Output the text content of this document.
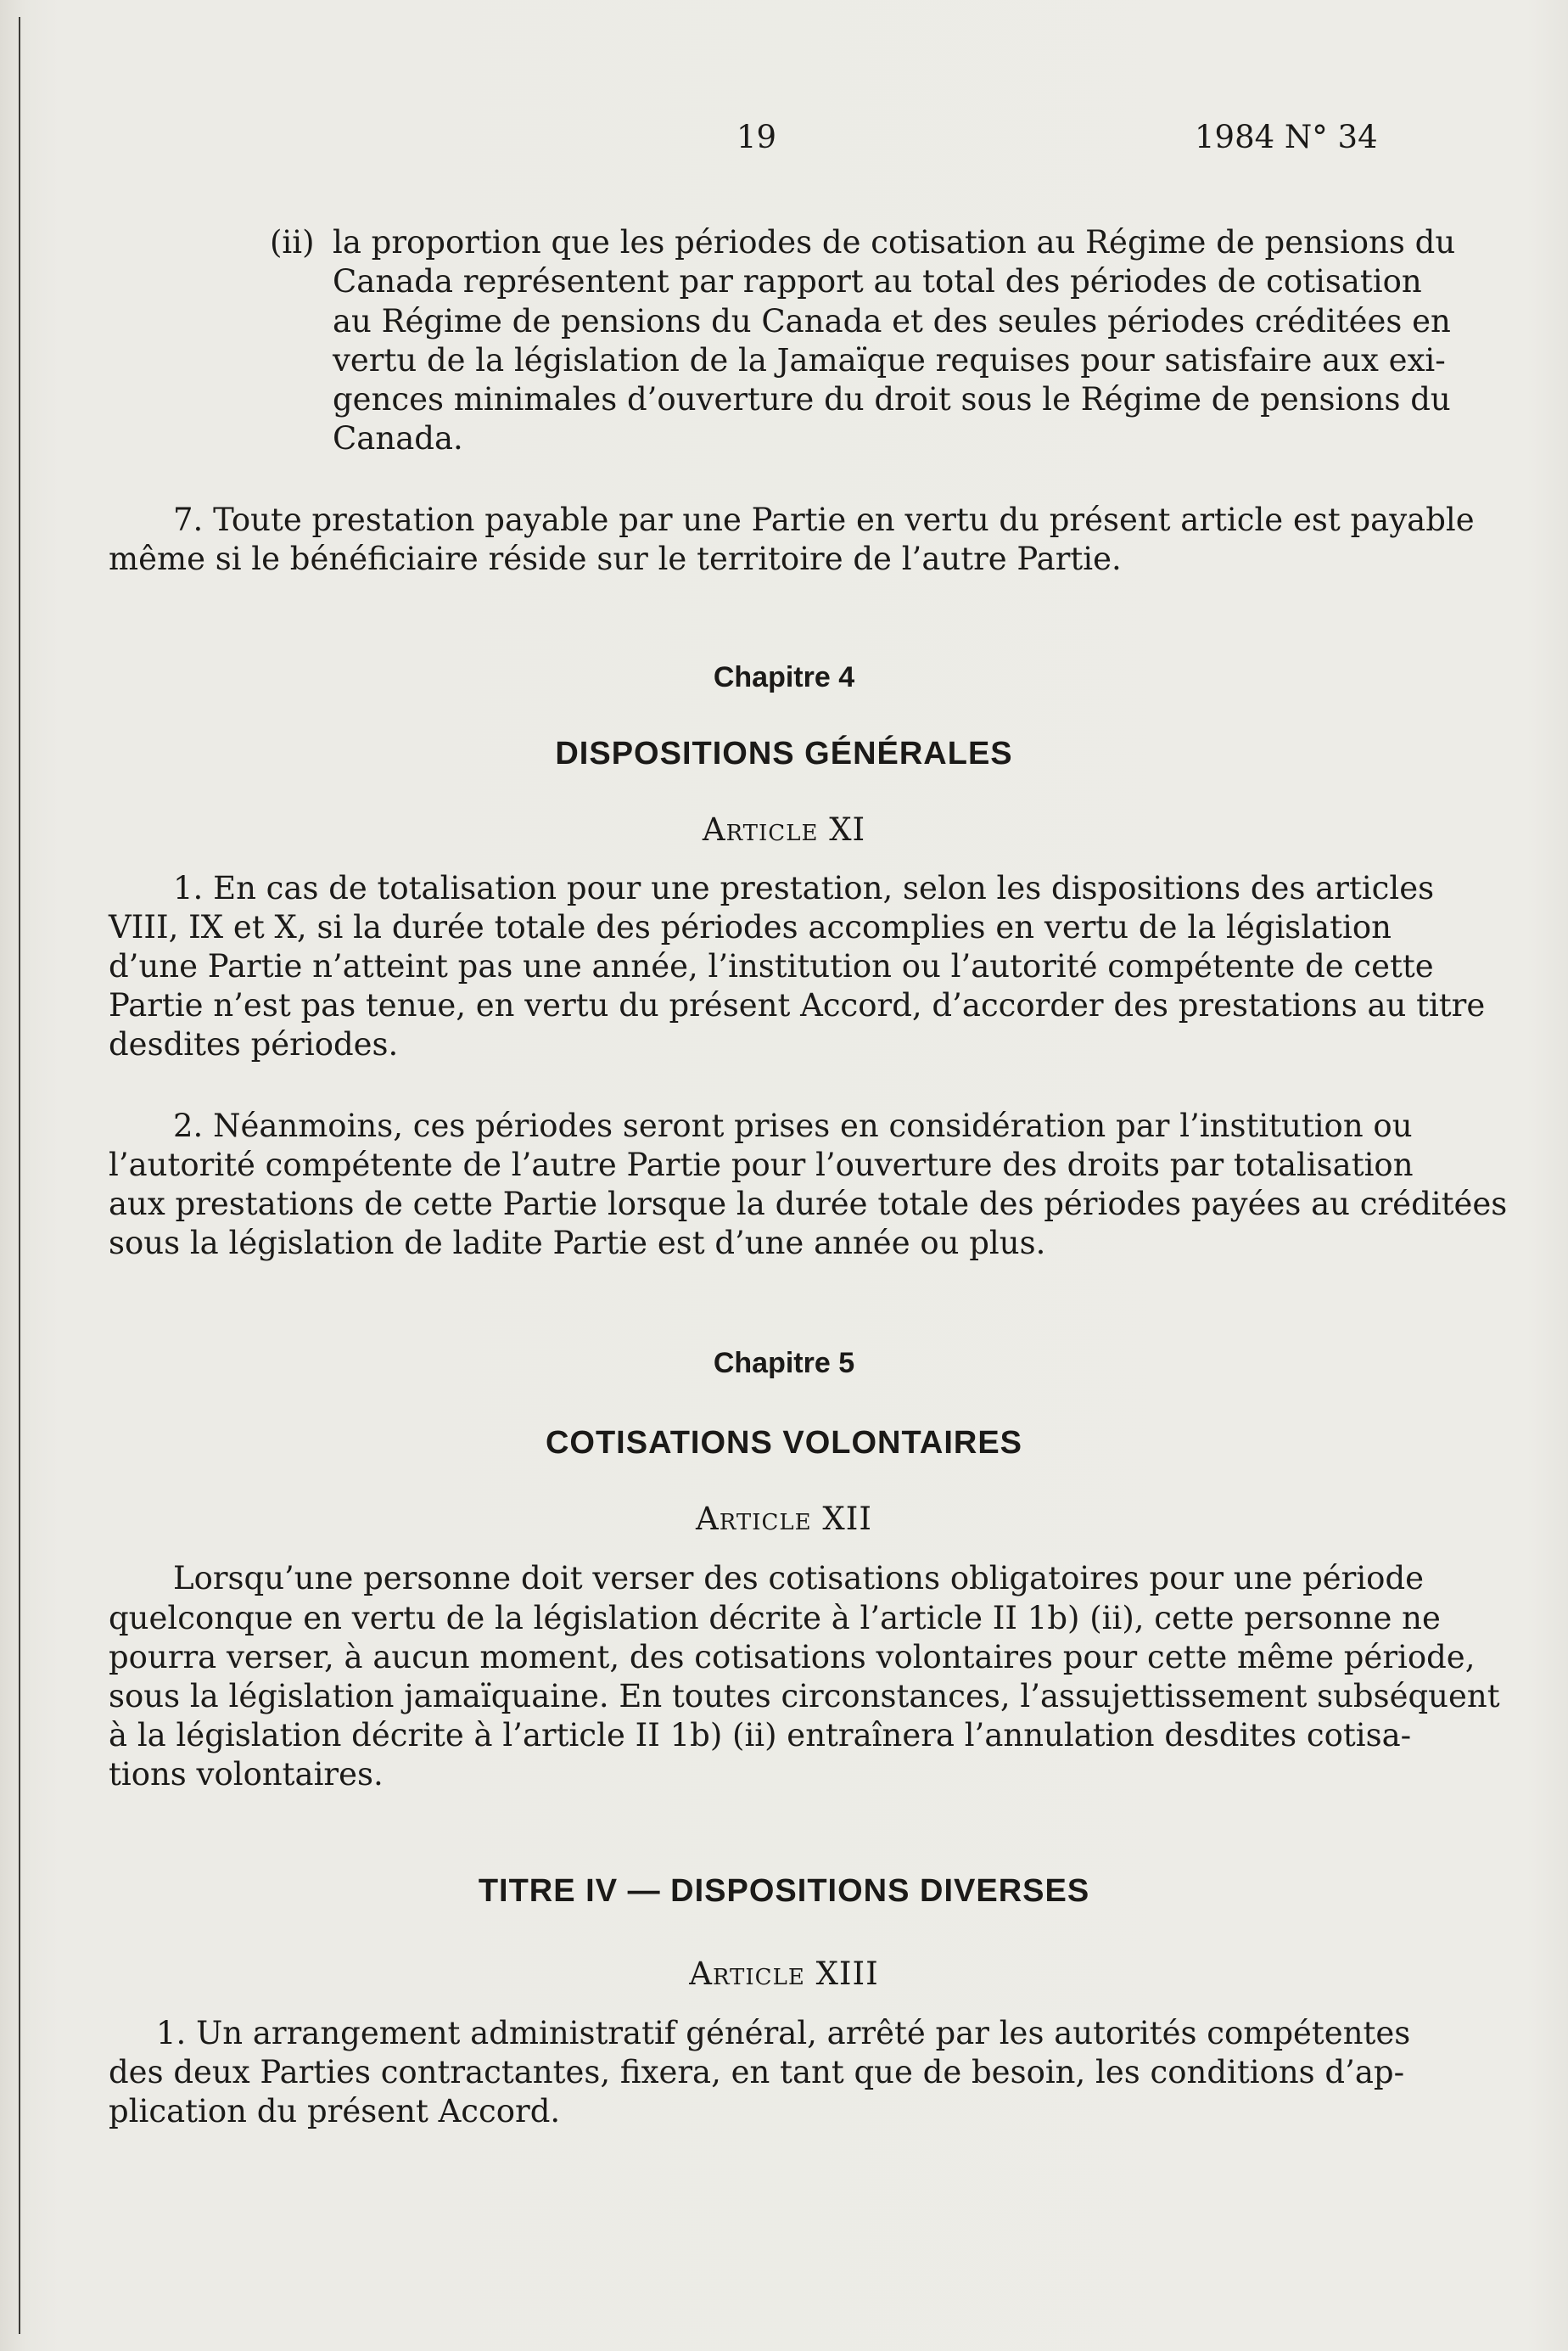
19	1984 N° 34
(ii) la proportion que les périodes de cotisation au Régime de pensions du
Canada représentent par rapport au total des périodes de cotisation
au Régime de pensions du Canada et des seules périodes créditées en
vertu de la législation de la Jamaïque requises pour satisfaire aux exi-
gences minimales d’ouverture du droit sous le Régime de pensions du
Canada.
7. Toute prestation payable par une Partie en vertu du présent article est payable
même si le bénéficiaire réside sur le territoire de l’autre Partie.
Chapitre 4
DISPOSITIONS GÉNÉRALES
Article XI
1. En cas de totalisation pour une prestation, selon les dispositions des articles
VIII, IX et X, si la durée totale des périodes accomplies en vertu de la législation
d’une Partie n’atteint pas une année, l’institution ou l’autorité compétente de cette
Partie n’est pas tenue, en vertu du présent Accord, d’accorder des prestations au titre
desdites périodes.
2. Néanmoins, ces périodes seront prises en considération par l’institution ou
l’autorité compétente de l’autre Partie pour l’ouverture des droits par totalisation
aux prestations de cette Partie lorsque la durée totale des périodes payées au créditées
sous la législation de ladite Partie est d’une année ou plus.
Chapitre 5
COTISATIONS VOLONTAIRES
Article XII
Lorsqu’une personne doit verser des cotisations obligatoires pour une période
quelconque en vertu de la législation décrite à l’article II 1b) (ii), cette personne ne
pourra verser, à aucun moment, des cotisations volontaires pour cette même période,
sous la législation jamaïquaine. En toutes circonstances, l’assujettissement subséquent
à la législation décrite à l’article II 1b) (ii) entraînera l’annulation desdites cotisa-
tions volontaires.
TITRE IV — DISPOSITIONS DIVERSES
Article XIII
1. Un arrangement administratif général, arrêté par les autorités compétentes
des deux Parties contractantes, fixera, en tant que de besoin, les conditions d’ap-
plication du présent Accord.
